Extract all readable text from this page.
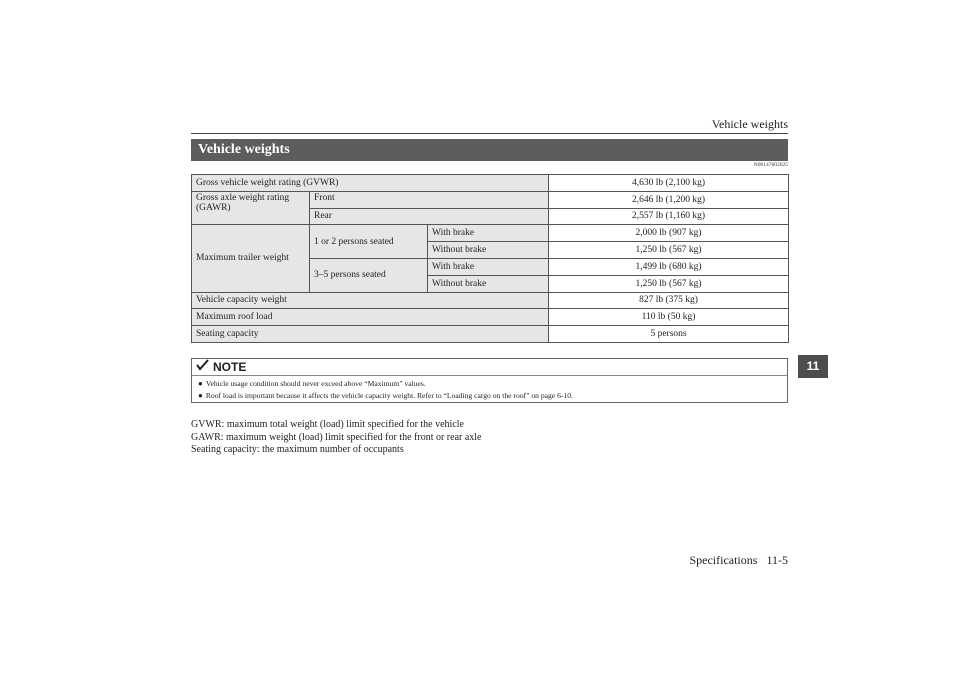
Vehicle weights
Vehicle weights
N00147602025
Gross vehicle weight rating (GVWR)			4,630 lb (2,100 kg)
Gross axle weight rating (GAWR)	Front		2,646 lb (1,200 kg)
	Rear		2,557 lb (1,160 kg)
Maximum trailer weight	1 or 2 persons seated	With brake	2,000 lb (907 kg)
		Without brake	1,250 lb (567 kg)
	3–5 persons seated	With brake	1,499 lb (680 kg)
		Without brake	1,250 lb (567 kg)
Vehicle capacity weight			827 lb (375 kg)
Maximum roof load			110 lb (50 kg)
Seating capacity			5 persons
NOTE
● Vehicle usage condition should never exceed above “Maximum” values.
● Roof load is important because it affects the vehicle capacity weight. Refer to “Loading cargo on the roof” on page 6-10.
GVWR: maximum total weight (load) limit specified for the vehicle
GAWR: maximum weight (load) limit specified for the front or rear axle
Seating capacity: the maximum number of occupants
11
Specifications 11-5
